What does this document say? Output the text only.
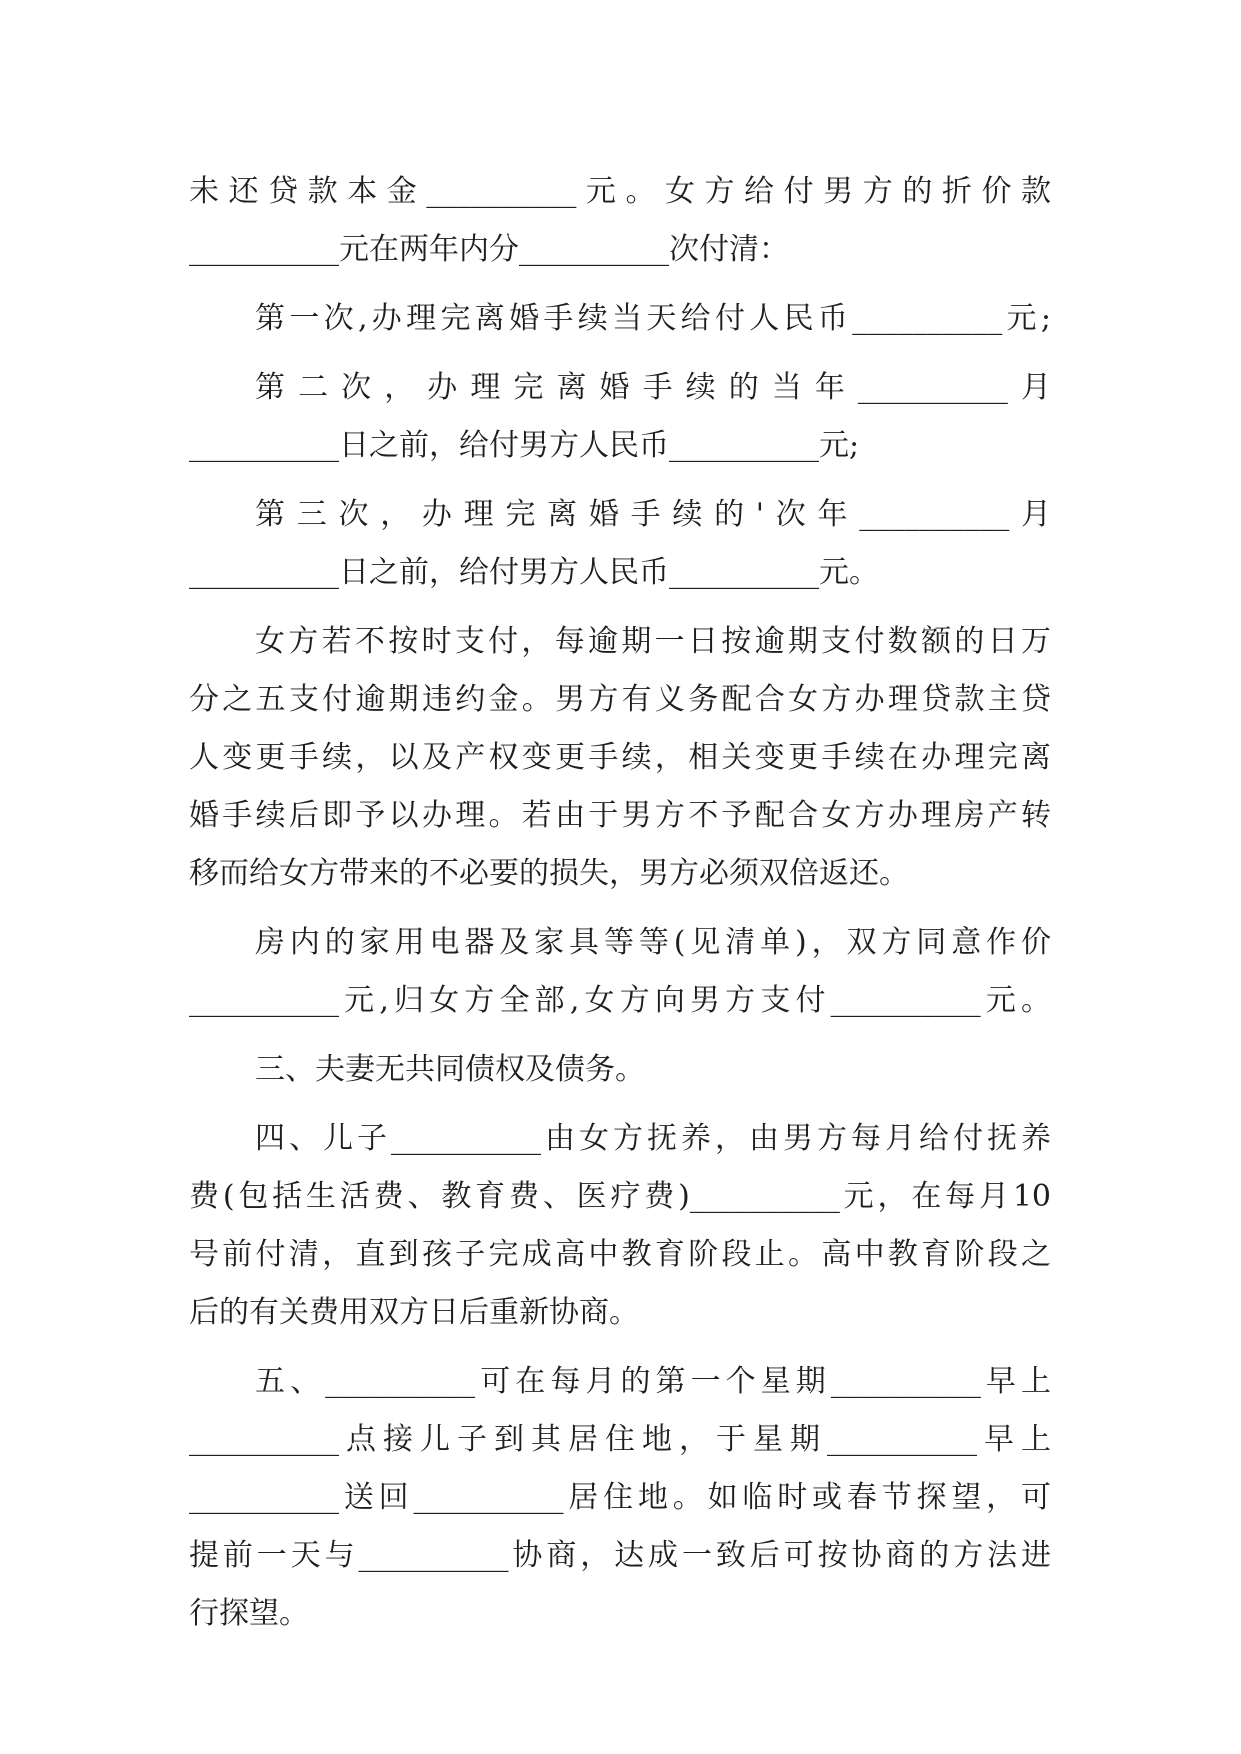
未还贷款本金__________元。女方给付男方的折价款
__________元在两年内分__________次付清：
第一次,办理完离婚手续当天给付人民币__________元;
第二次，办理完离婚手续的当年__________月
__________日之前，给付男方人民币__________元;
第三次，办理完离婚手续的'次年__________月
__________日之前，给付男方人民币__________元。
女方若不按时支付，每逾期一日按逾期支付数额的日万
分之五支付逾期违约金。男方有义务配合女方办理贷款主贷
人变更手续，以及产权变更手续，相关变更手续在办理完离
婚手续后即予以办理。若由于男方不予配合女方办理房产转
移而给女方带来的不必要的损失，男方必须双倍返还。
房内的家用电器及家具等等(见清单)，双方同意作价
__________元,归女方全部,女方向男方支付__________元。
三、夫妻无共同债权及债务。
四、儿子__________由女方抚养，由男方每月给付抚养
费(包括生活费、教育费、医疗费)__________元，在每月10
号前付清，直到孩子完成高中教育阶段止。高中教育阶段之
后的有关费用双方日后重新协商。
五、__________可在每月的第一个星期__________早上
__________点接儿子到其居住地，于星期__________早上
__________送回__________居住地。如临时或春节探望，可
提前一天与__________协商，达成一致后可按协商的方法进
行探望。
